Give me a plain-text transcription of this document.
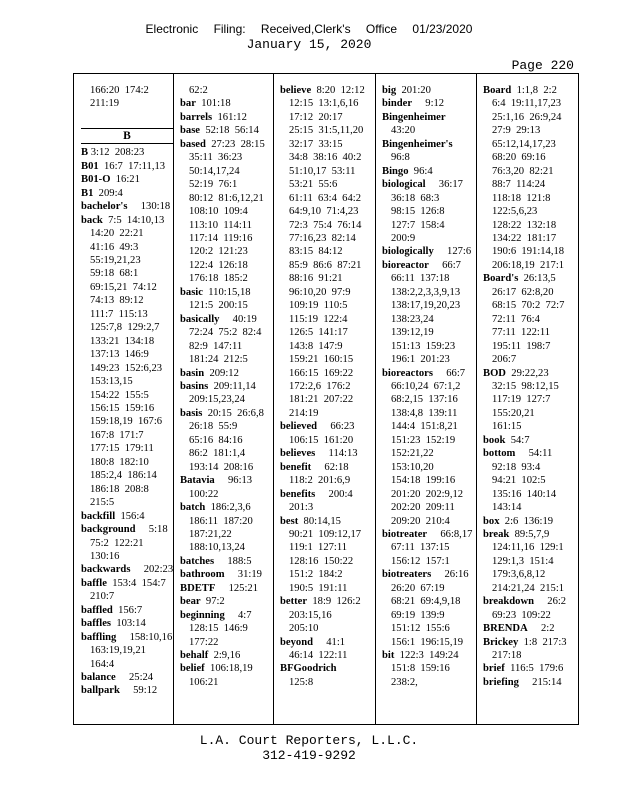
Electronic Filing: Received,Clerk's Office 01/23/2020
January 15, 2020
Page 220
166:20  174:2
211:19

B
B 3:12  208:23
B01  16:7  17:11,13
B01-O  16:21
B1  209:4
bachelor's     130:18
back  7:5  14:10,13
14:20  22:21
41:16  49:3
55:19,21,23
59:18  68:1
69:15,21  74:12
74:13  89:12
111:7  115:13
125:7,8  129:2,7
133:21  134:18
137:13  146:9
149:23  152:6,23
153:13,15
154:22  155:5
156:15  159:16
159:18,19  167:6
167:8  171:7
177:15  179:11
180:8  182:10
185:2,4  186:14
186:18  208:8
215:5
backfill  156:4
background     5:18
75:2  122:21
130:16
backwards     202:23
baffle  153:4  154:7
210:7
baffled  156:7
baffles  103:14
baffling     158:10,16
163:19,19,21
164:4
balance     25:24
ballpark     59:12
62:2
bar  101:18
barrels  161:12
base  52:18  56:14
based  27:23  28:15
35:11  36:23
50:14,17,24
52:19  76:1
80:12  81:6,12,21
108:10  109:4
113:10  114:11
117:14  119:16
120:2  121:23
122:4  126:18
176:18  185:2
basic  110:15,18
121:5  200:15
basically     40:19
72:24  75:2  82:4
82:9  147:11
181:24  212:5
basin  209:12
basins  209:11,14
209:15,23,24
basis  20:15  26:6,8
26:18  55:9
65:16  84:16
86:2  181:1,4
193:14  208:16
Batavia     96:13
100:22
batch  186:2,3,6
186:11  187:20
187:21,22
188:10,13,24
batches     188:5
bathroom     31:19
BDETF     125:21
bear  97:2
beginning     4:7
128:15  146:9
177:22
behalf  2:9,16
belief  106:18,19
106:21
believe  8:20  12:12
12:15  13:1,6,16
17:12  20:17
25:15  31:5,11,20
32:17  33:15
34:8  38:16  40:2
51:10,17  53:11
53:21  55:6
61:11  63:4  64:2
64:9,10  71:4,23
72:3  75:4  76:14
77:16,23  82:14
83:15  84:12
85:9  86:6  87:21
88:16  91:21
96:10,20  97:9
109:19  110:5
115:19  122:4
126:5  141:17
143:8  147:9
159:21  160:15
166:15  169:22
172:2,6  176:2
181:21  207:22
214:19
believed     66:23
106:15  161:20
believes     114:13
benefit     62:18
118:2  201:6,9
benefits     200:4
201:3
best  80:14,15
90:21  109:12,17
119:1  127:11
128:16  150:22
151:2  184:2
190:5  191:11
better  18:9  126:2
203:15,16
205:10
beyond     41:1
46:14  122:11
BFGoodrich
125:8
big  201:20
binder     9:12
Bingenheimer
43:20
Bingenheimer's
96:8
Bingo  96:4
biological     36:17
36:18  68:3
98:15  126:8
127:7  158:4
200:9
biologically     127:6
bioreactor     66:7
66:11  137:18
138:2,2,3,3,9,13
138:17,19,20,23
138:23,24
139:12,19
151:13  159:23
196:1  201:23
bioreactors     66:7
66:10,24  67:1,2
68:2,15  137:16
138:4,8  139:11
144:4  151:8,21
151:23  152:19
152:21,22
153:10,20
154:18  199:16
201:20  202:9,12
202:20  209:11
209:20  210:4
biotreater     66:8,17
67:11  137:15
156:12  157:1
biotreaters     26:16
26:20  67:19
68:21  69:4,9,18
69:19  139:9
151:12  155:6
156:1  196:15,19
bit  122:3  149:24
151:8  159:16
238:2,
Board  1:1,8  2:2
6:4  19:11,17,23
25:1,16  26:9,24
27:9  29:13
65:12,14,17,23
68:20  69:16
76:3,20  82:21
88:7  114:24
118:18  121:8
122:5,6,23
128:22  132:18
134:22  181:17
190:6  191:14,18
206:18,19  217:1
Board's  26:13,5
26:17  62:8,20
68:15  70:2  72:7
72:11  76:4
77:11  122:11
195:11  198:7
206:7
BOD  29:22,23
32:15  98:12,15
117:19  127:7
155:20,21
161:15
book  54:7
bottom     54:11
92:18  93:4
94:21  102:5
135:16  140:14
143:14
box  2:6  136:19
break  89:5,7,9
124:11,16  129:1
129:1,3  151:4
179:3,6,8,12
214:21,24  215:1
breakdown     26:2
69:23  109:22
BRENDA     2:2
Brickey  1:8  217:3
217:18
brief  116:5  179:6
briefing     215:14
L.A. Court Reporters, L.L.C.
312-419-9292
